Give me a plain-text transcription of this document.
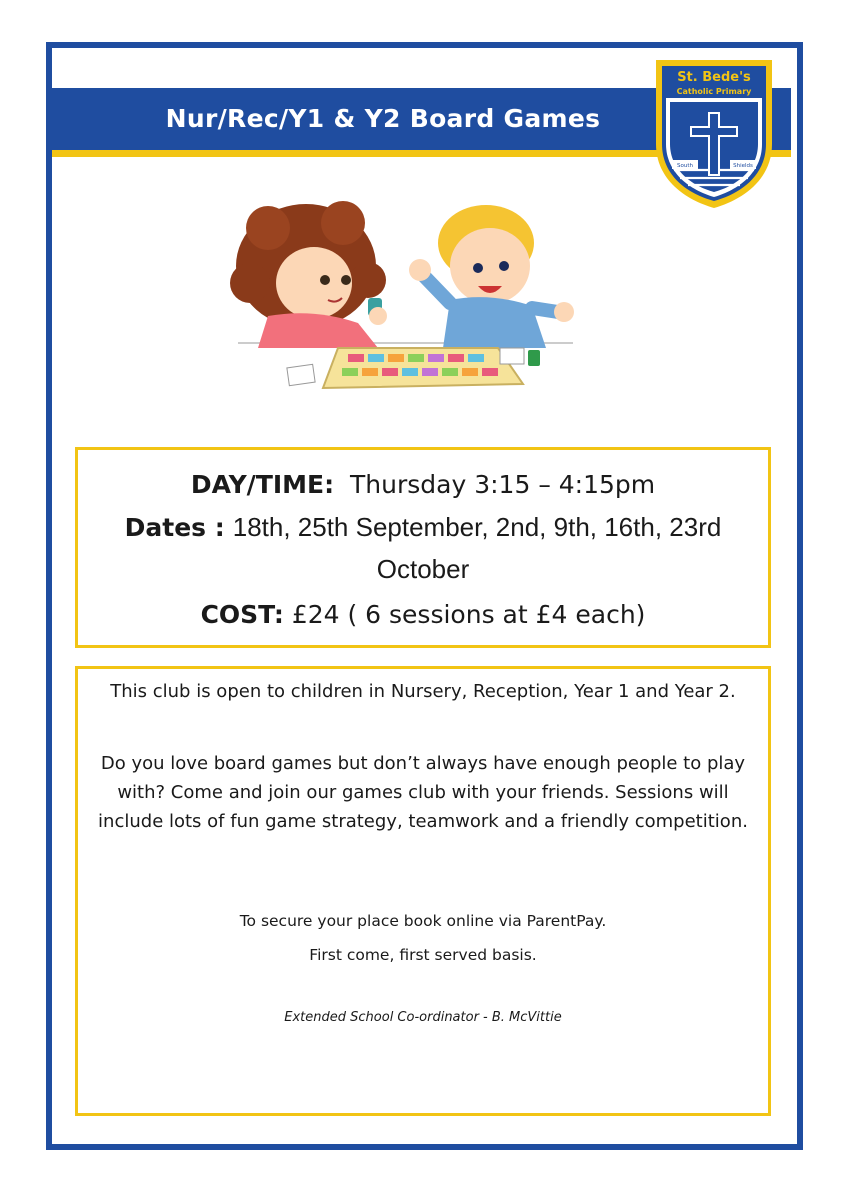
Nur/Rec/Y1 & Y2 Board Games
St. Bede's
Catholic Primary
South	Shields
DAY/TIME: Thursday 3:15 – 4:15pm
Dates : 18th, 25th September, 2nd, 9th, 16th, 23rd
October
COST: £24 ( 6 sessions at £4 each)
This club is open to children in Nursery, Reception, Year 1 and Year 2.
Do you love board games but don’t always have enough people to play
with? Come and join our games club with your friends. Sessions will
include lots of fun game strategy, teamwork and a friendly competition.
To secure your place book online via ParentPay.
First come, first served basis.
Extended School Co-ordinator - B. McVittie
